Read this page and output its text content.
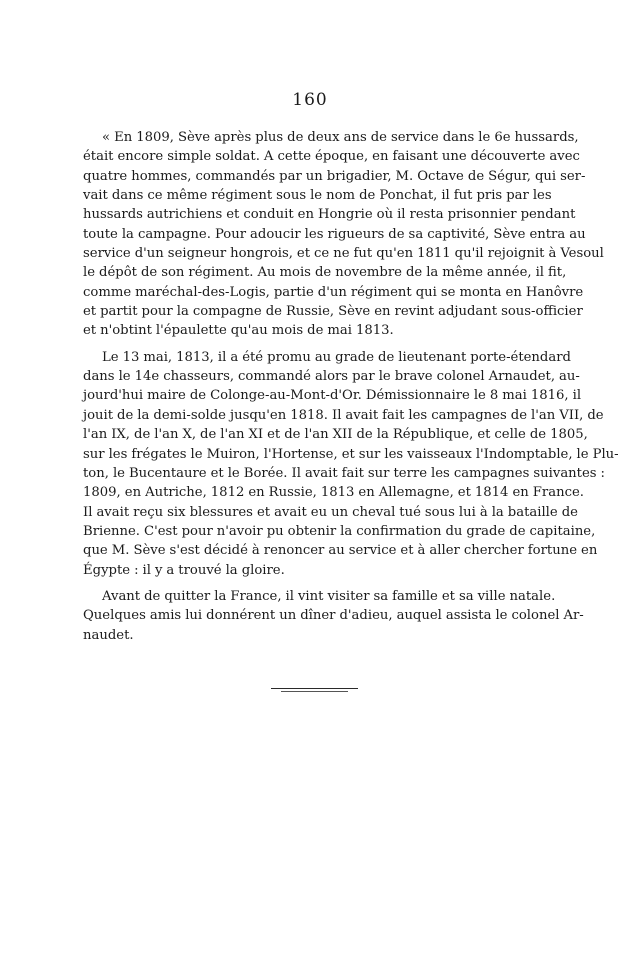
160
« En 1809, Sève après plus de deux ans de service dans le 6e hussards,
était encore simple soldat. A cette époque, en faisant une découverte avec
quatre hommes, commandés par un brigadier, M. Octave de Ségur, qui ser-
vait dans ce même régiment sous le nom de Ponchat, il fut pris par les
hussards autrichiens et conduit en Hongrie où il resta prisonnier pendant
toute la campagne. Pour adoucir les rigueurs de sa captivité, Sève entra au
service d'un seigneur hongrois, et ce ne fut qu'en 1811 qu'il rejoignit à Vesoul
le dépôt de son régiment. Au mois de novembre de la même année, il fit,
comme maréchal-des-Logis, partie d'un régiment qui se monta en Hanôvre
et partit pour la compagne de Russie, Sève en revint adjudant sous-officier
et n'obtint l'épaulette qu'au mois de mai 1813.
Le 13 mai, 1813, il a été promu au grade de lieutenant porte-étendard
dans le 14e chasseurs, commandé alors par le brave colonel Arnaudet, au-
jourd'hui maire de Colonge-au-Mont-d'Or. Démissionnaire le 8 mai 1816, il
jouit de la demi-solde jusqu'en 1818. Il avait fait les campagnes de l'an VII, de
l'an IX, de l'an X, de l'an XI et de l'an XII de la République, et celle de 1805,
sur les frégates le Muiron, l'Hortense, et sur les vaisseaux l'Indomptable, le Plu-
ton, le Bucentaure et le Borée. Il avait fait sur terre les campagnes suivantes :
1809, en Autriche, 1812 en Russie, 1813 en Allemagne, et 1814 en France.
Il avait reçu six blessures et avait eu un cheval tué sous lui à la bataille de
Brienne. C'est pour n'avoir pu obtenir la confirmation du grade de capitaine,
que M. Sève s'est décidé à renoncer au service et à aller chercher fortune en
Égypte : il y a trouvé la gloire.
Avant de quitter la France, il vint visiter sa famille et sa ville natale.
Quelques amis lui donnérent un dîner d'adieu, auquel assista le colonel Ar-
naudet.
